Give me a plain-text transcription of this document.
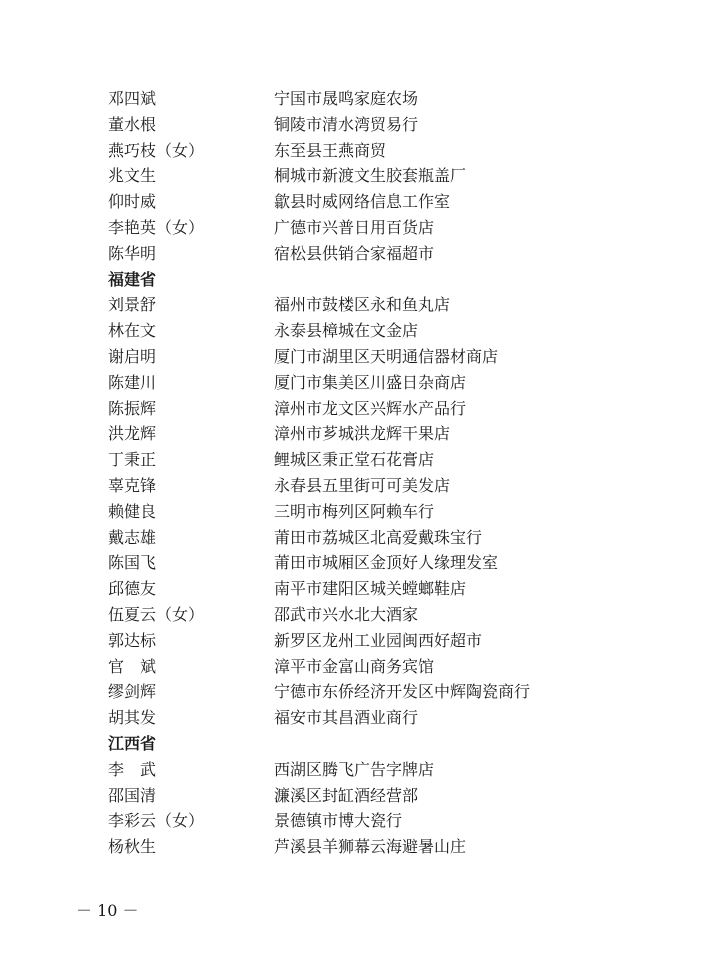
邓四斌	宁国市晟鸣家庭农场
董水根	铜陵市清水湾贸易行
燕巧枝（女）	东至县王燕商贸
兆文生	桐城市新渡文生胶套瓶盖厂
仰时威	歙县时威网络信息工作室
李艳英（女）	广德市兴普日用百货店
陈华明	宿松县供销合家福超市
福建省
刘景舒	福州市鼓楼区永和鱼丸店
林在文	永泰县樟城在文金店
谢启明	厦门市湖里区天明通信器材商店
陈建川	厦门市集美区川盛日杂商店
陈振辉	漳州市龙文区兴辉水产品行
洪龙辉	漳州市芗城洪龙辉干果店
丁秉正	鲤城区秉正堂石花膏店
辜克锋	永春县五里街可可美发店
赖健良	三明市梅列区阿赖车行
戴志雄	莆田市荔城区北高爱戴珠宝行
陈国飞	莆田市城厢区金顶好人缘理发室
邱德友	南平市建阳区城关螳螂鞋店
伍夏云（女）	邵武市兴水北大酒家
郭达标	新罗区龙州工业园闽西好超市
官　斌	漳平市金富山商务宾馆
缪剑辉	宁德市东侨经济开发区中辉陶瓷商行
胡其发	福安市其昌酒业商行
江西省
李　武	西湖区腾飞广告字牌店
邵国清	濂溪区封缸酒经营部
李彩云（女）	景德镇市博大瓷行
杨秋生	芦溪县羊狮幕云海避暑山庄
－ 10 －
